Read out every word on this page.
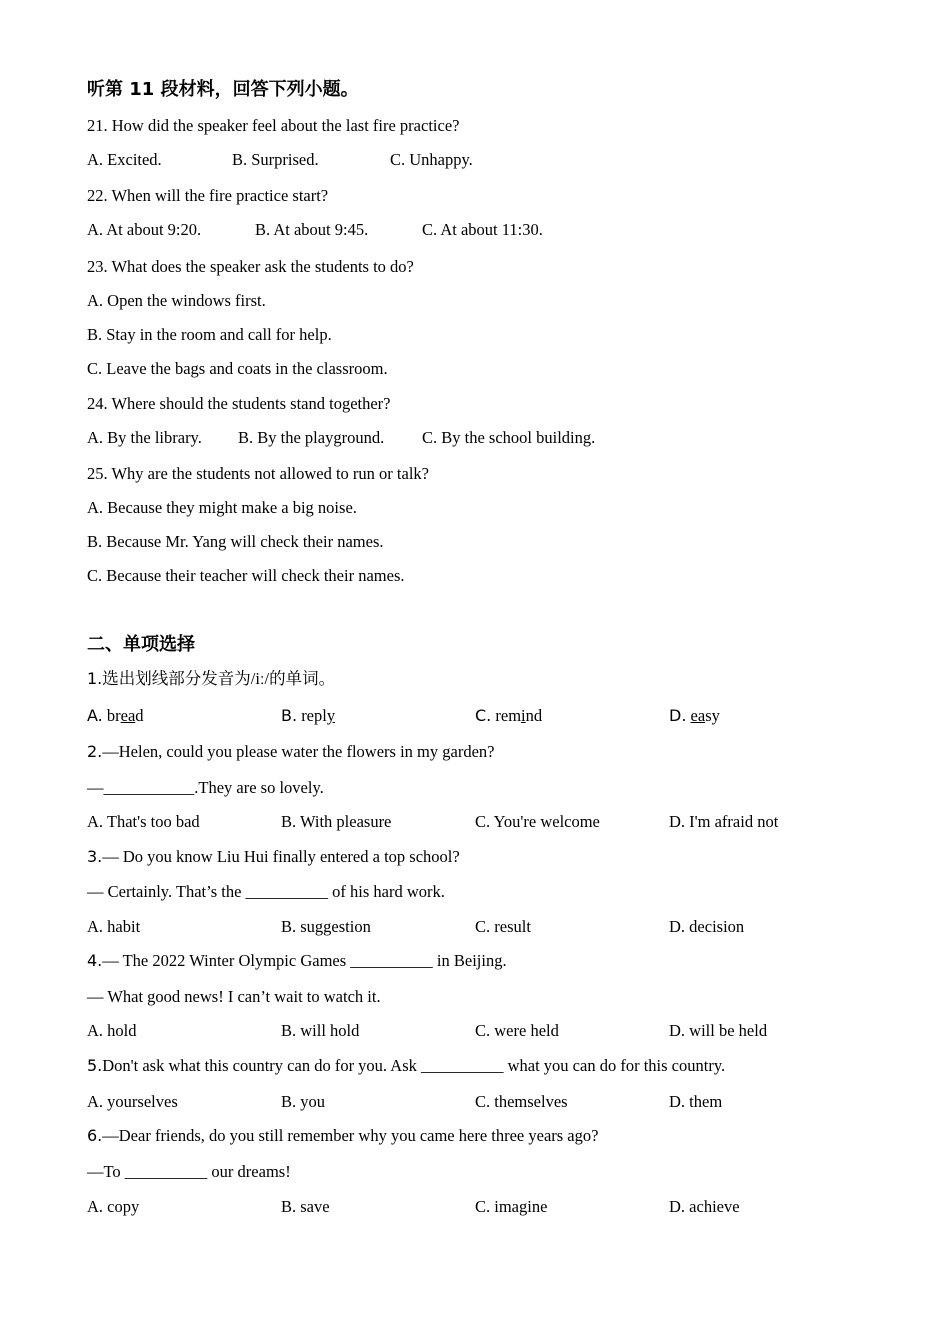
听第 11 段材料，回答下列小题。
21. How did the speaker feel about the last fire practice?
A. Excited.	B. Surprised.	C. Unhappy.
22. When will the fire practice start?
A. At about 9:20.	B. At about 9:45.	C. At about 11:30.
23. What does the speaker ask the students to do?
A. Open the windows first.
B. Stay in the room and call for help.
C. Leave the bags and coats in the classroom.
24. Where should the students stand together?
A. By the library. B. By the playground. C. By the school building.
25. Why are the students not allowed to run or talk?
A. Because they might make a big noise.
B. Because Mr. Yang will check their names.
C. Because their teacher will check their names.
二、单项选择
1.选出划线部分发音为/iː/的单词。
A. bread	B. reply	C. remind	D. easy
2.—Helen, could you please water the flowers in my garden?
—___________.They are so lovely.
A. That's too bad	B. With pleasure	C. You're welcome	D. I'm afraid not
3.— Do you know Liu Hui finally entered a top school?
— Certainly. That’s the __________ of his hard work.
A. habit	B. suggestion	C. result	D. decision
4.— The 2022 Winter Olympic Games __________ in Beijing.
— What good news! I can’t wait to watch it.
A. hold	B. will hold	C. were held	D. will be held
5.Don't ask what this country can do for you. Ask __________ what you can do for this country.
A. yourselves	B. you	C. themselves	D. them
6.—Dear friends, do you still remember why you came here three years ago?
—To __________ our dreams!
A. copy	B. save	C. imagine	D. achieve
